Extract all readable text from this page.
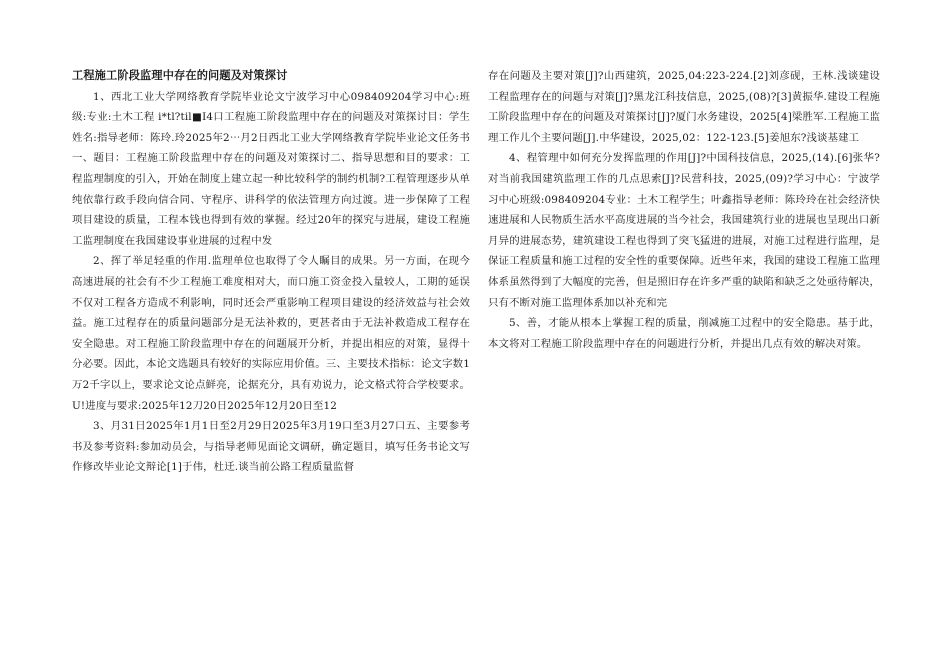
工程施工阶段监理中存在的问题及对策探讨

1、西北工业大学网络教育学院毕业论文宁波学习中心098409204学习中心:班级:专业:土木工程 i*tl?til■I4口工程施工阶段监理中存在的问题及对策探讨目：学生姓名:指导老师：陈玲.玲2025年2⋯月2日西北工业大学网络教育学院毕业论文任务书一、题目：工程施工阶段监理中存在的问题及对策探讨二、指导思想和目的要求：工程监理制度的引入，开始在制度上建立起一种比较科学的制约机制?工程管理逐步从单纯依靠行政手段向信合同、守程序、讲科学的依法管理方向过渡。进一步保障了工程项目建设的质量，工程本钱也得到有效的掌握。经过20年的探究与进展，建设工程施工监理制度在我国建设事业进展的过程中发

2、挥了举足轻重的作用.监理单位也取得了令人瞩目的成果。另一方面，在现今高速进展的社会有不少工程施工难度相对大，而口施工资金投入量较人，工期的延误不仅对工程各方造成不利影响，同时还会严重影响工程项目建设的经济效益与社会效益。施工过程存在的质量问题部分是无法补救的，更甚者由于无法补救造成工程存在安全隐患。对工程施工阶段监理中存在的问题展开分析，并提出相应的对策，显得十分必要。因此，本论文选题具有较好的实际应用价值。三、主要技术指标：论文字数1万2千字以上，要求论文论点鲜亮，论据充分，具有劝说力，论文格式符合学校要求。U!进度与要求:2025年12刀20日2025年12月20日至12

3、月31日2025年1月1日至2月29日2025年3月19口至3月27口五、主要参考书及参考资料:参加动员会，与指导老师见面论文调研，确定题目，填写任务书论文写作修改毕业论文辩论[1]于伟，杜迁.谈当前公路工程质量监督

存在问题及主要对策[J]?山西建筑，2025,04:223-224.[2]刘彦砚，王林.浅谈建设工程监理存在的问题与对策[J]?黑龙江科技信息，2025,(08)?[3]黄振华.建设工程施工阶段监理中存在的问题及对策探讨[J]?厦门水务建设，2025[4]梁胜军.工程施工监理工作儿个主要问题[J].中华建设，2025,02：122-123.[5]姜旭东?浅谈基建工

4、程管理中如何充分发挥监理的作用[J]?中国科技信息，2025,(14).[6]张华?对当前我国建筑监理工作的几点思索[J]?民营科技，2025,(09)?学习中心：宁波学习中心班级:098409204专业：土木工程学生；叶鑫指导老师：陈玲玲在社会经济快速进展和人民物质生活水平高度进展的当今社会，我国建筑行业的进展也呈现出口新月异的进展态势，建筑建设工程也得到了突飞猛进的进展，对施工过程进行监理，是保证工程质量和施工过程的安全性的重要保障。近些年来，我国的建设工程施工监理体系虽然得到了大幅度的完善，但是照旧存在许多严重的缺陷和缺乏之处亟待解决，只有不断对施工监理体系加以补充和完

5、善，才能从根本上掌握工程的质量，削减施工过程中的安全隐患。基于此，本文将对工程施工阶段监理中存在的问题进行分析，并提出几点有效的解决对策。
